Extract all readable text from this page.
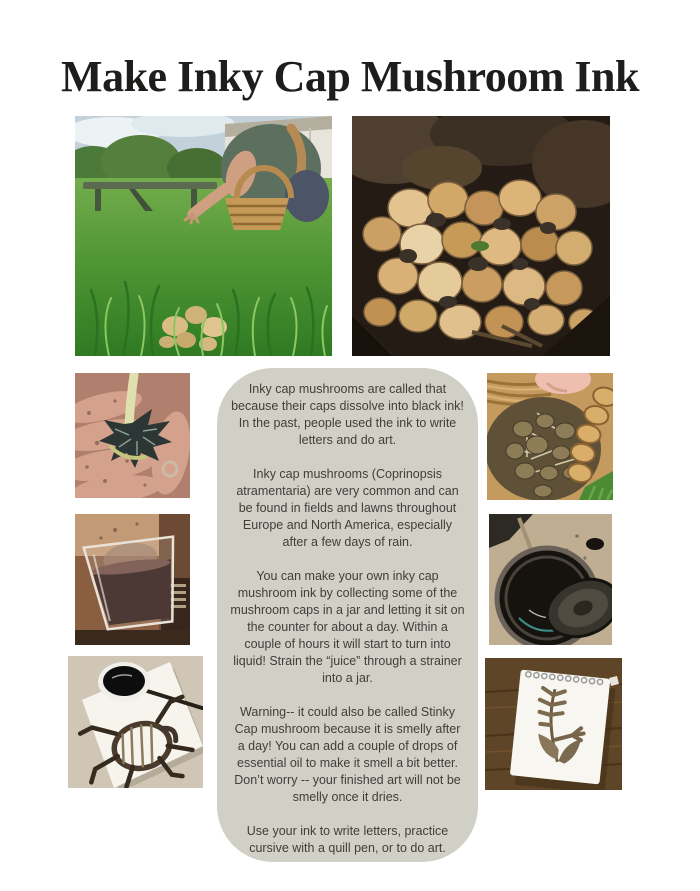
Make Inky Cap Mushroom Ink

Inky cap mushrooms are called that because their caps dissolve into black ink! In the past, people used the ink to write letters and do art.

Inky cap mushrooms (Coprinopsis atramentaria) are very common and can be found in fields and lawns throughout Europe and North America, especially after a few days of rain.

You can make your own inky cap mushroom ink by collecting some of the mushroom caps in a jar and letting it sit on the counter for about a day. Within a couple of hours it will start to turn into liquid! Strain the “juice” through a strainer into a jar.

Warning-- it could also be called Stinky Cap mushroom because it is smelly after a day! You can add a couple of drops of essential oil to make it smell a bit better. Don’t worry -- your finished art will not be smelly once it dries.

Use your ink to write letters, practice cursive with a quill pen, or to do art.
